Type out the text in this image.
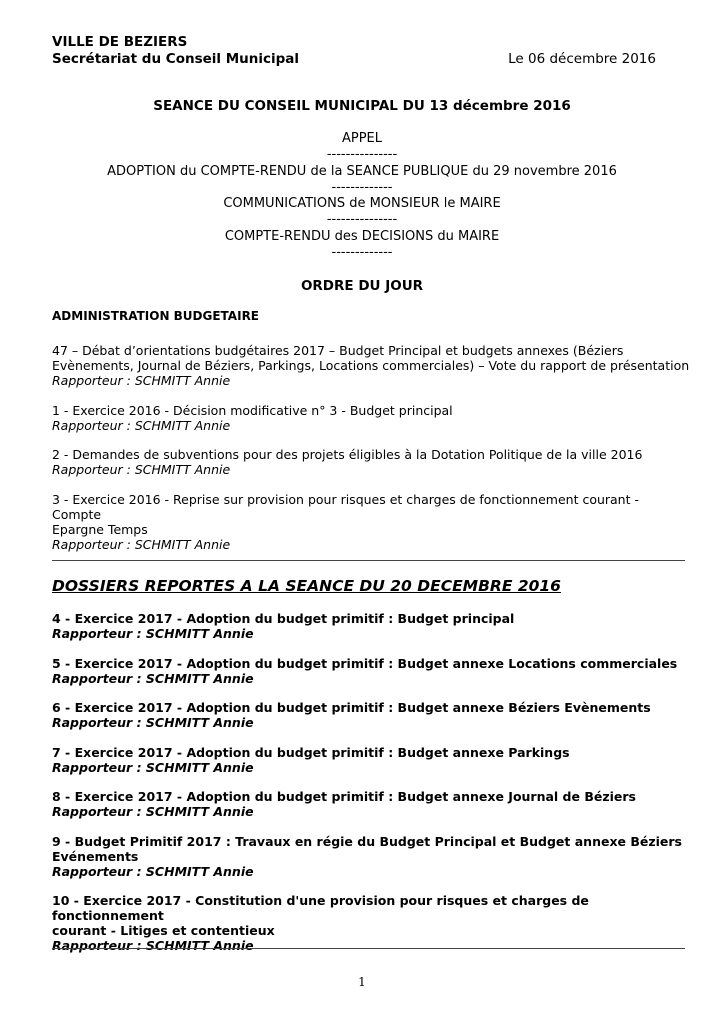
VILLE DE BEZIERS
Secrétariat du Conseil Municipal	Le 06 décembre 2016
SEANCE DU CONSEIL MUNICIPAL DU 13 décembre 2016
APPEL
---------------
ADOPTION du COMPTE-RENDU de la SEANCE PUBLIQUE du 29 novembre 2016
-------------
COMMUNICATIONS de MONSIEUR le MAIRE
---------------
COMPTE-RENDU des DECISIONS du MAIRE
-------------
ORDRE DU JOUR
ADMINISTRATION BUDGETAIRE
47 – Débat d’orientations budgétaires 2017 – Budget Principal et budgets annexes (Béziers
Evènements, Journal de Béziers, Parkings, Locations commerciales) – Vote du rapport de présentation
Rapporteur : SCHMITT Annie
1 - Exercice 2016 - Décision modificative n° 3 - Budget principal
Rapporteur : SCHMITT Annie
2 - Demandes de subventions pour des projets éligibles à la Dotation Politique de la ville 2016
Rapporteur : SCHMITT Annie
3 - Exercice 2016 - Reprise sur provision pour risques et charges de fonctionnement courant - Compte
Epargne Temps
Rapporteur : SCHMITT Annie
DOSSIERS REPORTES A LA SEANCE DU 20 DECEMBRE 2016
4 - Exercice 2017 - Adoption du budget primitif : Budget principal
Rapporteur : SCHMITT Annie
5 - Exercice 2017 - Adoption du budget primitif : Budget annexe Locations commerciales
Rapporteur : SCHMITT Annie
6 - Exercice 2017 - Adoption du budget primitif : Budget annexe Béziers Evènements
Rapporteur : SCHMITT Annie
7 - Exercice 2017 - Adoption du budget primitif : Budget annexe Parkings
Rapporteur : SCHMITT Annie
8 - Exercice 2017 - Adoption du budget primitif : Budget annexe Journal de Béziers
Rapporteur : SCHMITT Annie
9 - Budget Primitif 2017 : Travaux en régie du Budget Principal et Budget annexe Béziers
Evénements
Rapporteur : SCHMITT Annie
10 - Exercice 2017 - Constitution d'une provision pour risques et charges de fonctionnement
courant - Litiges et contentieux
Rapporteur : SCHMITT Annie
1
